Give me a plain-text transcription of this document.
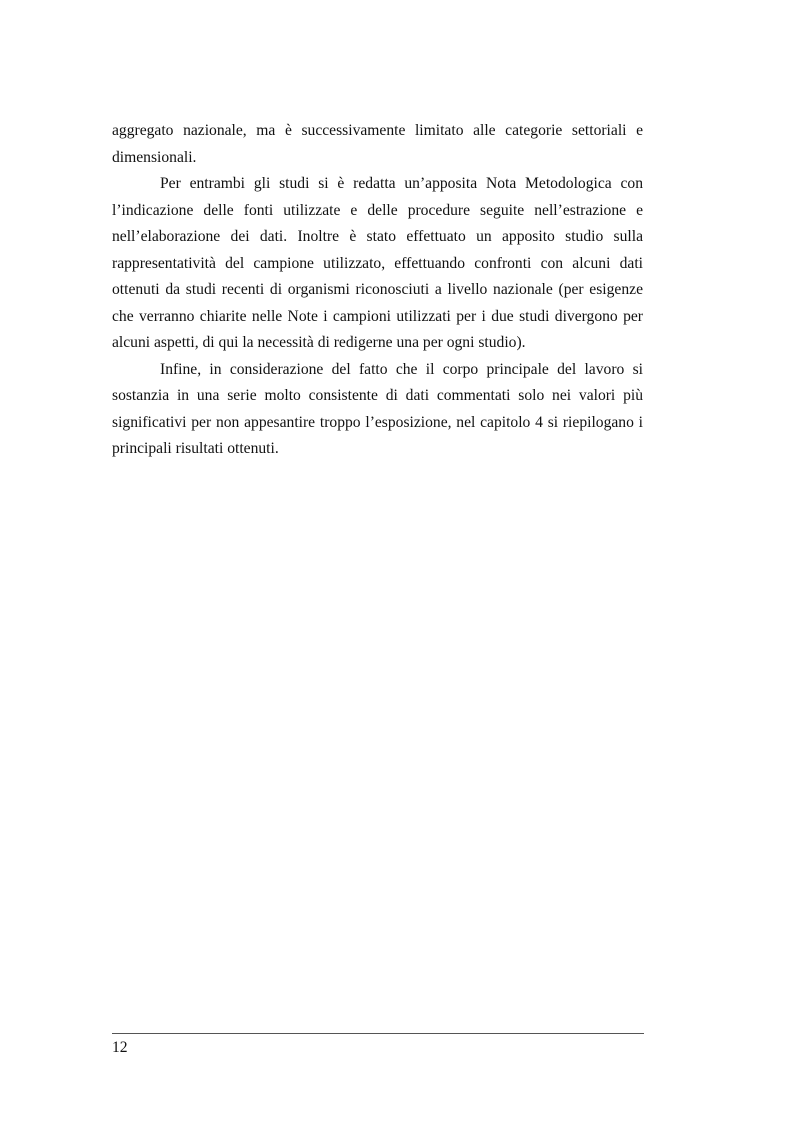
aggregato nazionale, ma è successivamente limitato alle categorie settoriali e dimensionali.

Per entrambi gli studi si è redatta un’apposita Nota Metodologica con l’indicazione delle fonti utilizzate e delle procedure seguite nell’estrazione e nell’elaborazione dei dati. Inoltre è stato effettuato un apposito studio sulla rappresentatività del campione utilizzato, effettuando confronti con alcuni dati ottenuti da studi recenti di organismi riconosciuti a livello nazionale (per esigenze che verranno chiarite nelle Note i campioni utilizzati per i due studi divergono per alcuni aspetti, di qui la necessità di redigerne una per ogni studio).

Infine, in considerazione del fatto che il corpo principale del lavoro si sostanzia in una serie molto consistente di dati commentati solo nei valori più significativi per non appesantire troppo l’esposizione, nel capitolo 4 si riepilogano i principali risultati ottenuti.

12
